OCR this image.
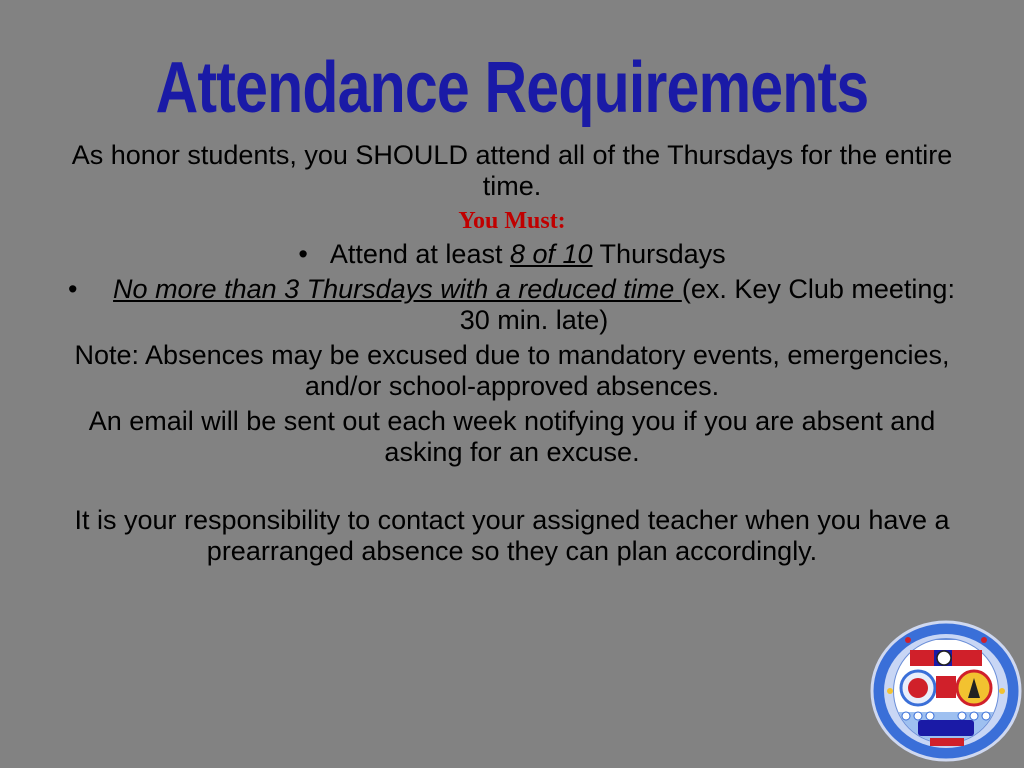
Attendance Requirements

As honor students, you SHOULD attend all of the Thursdays for the entire time.

You Must:

• Attend at least 8 of 10 Thursdays

• No more than 3 Thursdays with a reduced time (ex. Key Club meeting: 30 min. late)

Note: Absences may be excused due to mandatory events, emergencies, and/or school-approved absences.

An email will be sent out each week notifying you if you are absent and asking for an excuse.

It is your responsibility to contact your assigned teacher when you have a prearranged absence so they can plan accordingly.
